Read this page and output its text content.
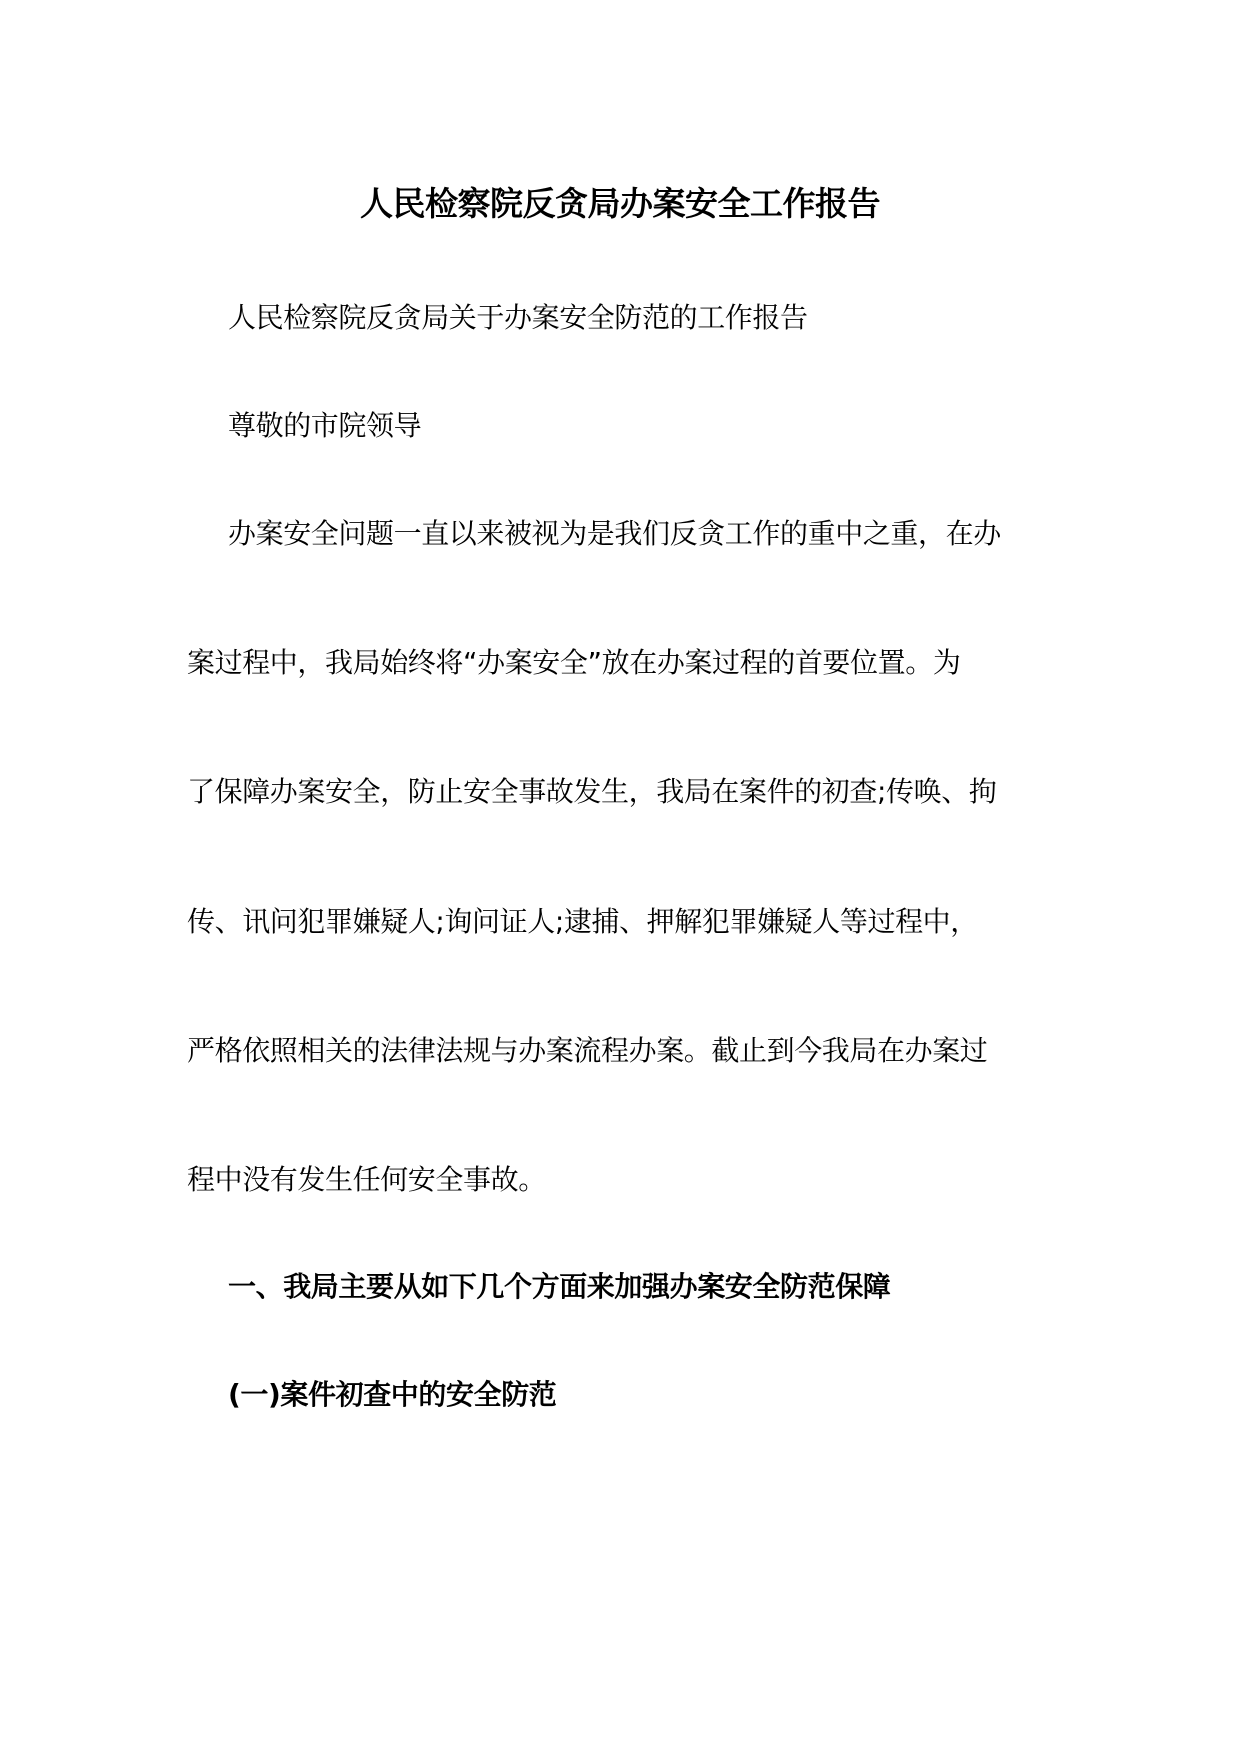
人民检察院反贪局办案安全工作报告
人民检察院反贪局关于办案安全防范的工作报告
尊敬的市院领导
办案安全问题一直以来被视为是我们反贪工作的重中之重，在办
案过程中，我局始终将“办案安全”放在办案过程的首要位置。为
了保障办案安全，防止安全事故发生，我局在案件的初查;传唤、拘
传、讯问犯罪嫌疑人;询问证人;逮捕、押解犯罪嫌疑人等过程中，
严格依照相关的法律法规与办案流程办案。截止到今我局在办案过
程中没有发生任何安全事故。
一、我局主要从如下几个方面来加强办案安全防范保障
(一)案件初查中的安全防范
